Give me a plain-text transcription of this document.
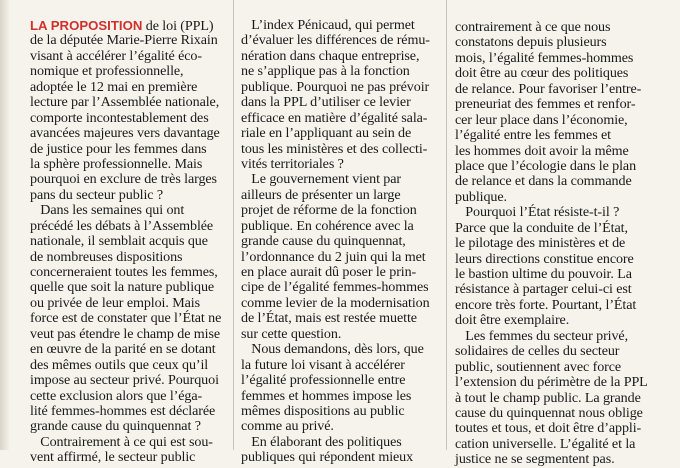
LA PROPOSITION de loi (PPL)
de la députée Marie-Pierre Rixain
visant à accélérer l’égalité éco-
nomique et professionnelle,
adoptée le 12 mai en première
lecture par l’Assemblée nationale,
comporte incontestablement des
avancées majeures vers davantage
de justice pour les femmes dans
la sphère professionnelle. Mais
pourquoi en exclure de très larges
pans du secteur public ?
Dans les semaines qui ont
précédé les débats à l’Assemblée
nationale, il semblait acquis que
de nombreuses dispositions
concerneraient toutes les femmes,
quelle que soit la nature publique
ou privée de leur emploi. Mais
force est de constater que l’État ne
veut pas étendre le champ de mise
en œuvre de la parité en se dotant
des mêmes outils que ceux qu’il
impose au secteur privé. Pourquoi
cette exclusion alors que l’éga-
lité femmes-hommes est déclarée
grande cause du quinquennat ?
Contrairement à ce qui est sou-
vent affirmé, le secteur public
L’index Pénicaud, qui permet
d’évaluer les différences de rému-
nération dans chaque entreprise,
ne s’applique pas à la fonction
publique. Pourquoi ne pas prévoir
dans la PPL d’utiliser ce levier
efficace en matière d’égalité sala-
riale en l’appliquant au sein de
tous les ministères et des collecti-
vités territoriales ?
Le gouvernement vient par
ailleurs de présenter un large
projet de réforme de la fonction
publique. En cohérence avec la
grande cause du quinquennat,
l’ordonnance du 2 juin qui la met
en place aurait dû poser le prin-
cipe de l’égalité femmes-hommes
comme levier de la modernisation
de l’État, mais est restée muette
sur cette question.
Nous demandons, dès lors, que
la future loi visant à accélérer
l’égalité professionnelle entre
femmes et hommes impose les
mêmes dispositions au public
comme au privé.
En élaborant des politiques
publiques qui répondent mieux
contrairement à ce que nous
constatons depuis plusieurs
mois, l’égalité femmes-hommes
doit être au cœur des politiques
de relance. Pour favoriser l’entre-
preneuriat des femmes et renfor-
cer leur place dans l’économie,
l’égalité entre les femmes et
les hommes doit avoir la même
place que l’écologie dans le plan
de relance et dans la commande
publique.
Pourquoi l’État résiste-t-il ?
Parce que la conduite de l’État,
le pilotage des ministères et de
leurs directions constitue encore
le bastion ultime du pouvoir. La
résistance à partager celui-ci est
encore très forte. Pourtant, l’État
doit être exemplaire.
Les femmes du secteur privé,
solidaires de celles du secteur
public, soutiennent avec force
l’extension du périmètre de la PPL
à tout le champ public. La grande
cause du quinquennat nous oblige
toutes et tous, et doit être d’appli-
cation universelle. L’égalité et la
justice ne se segmentent pas.
